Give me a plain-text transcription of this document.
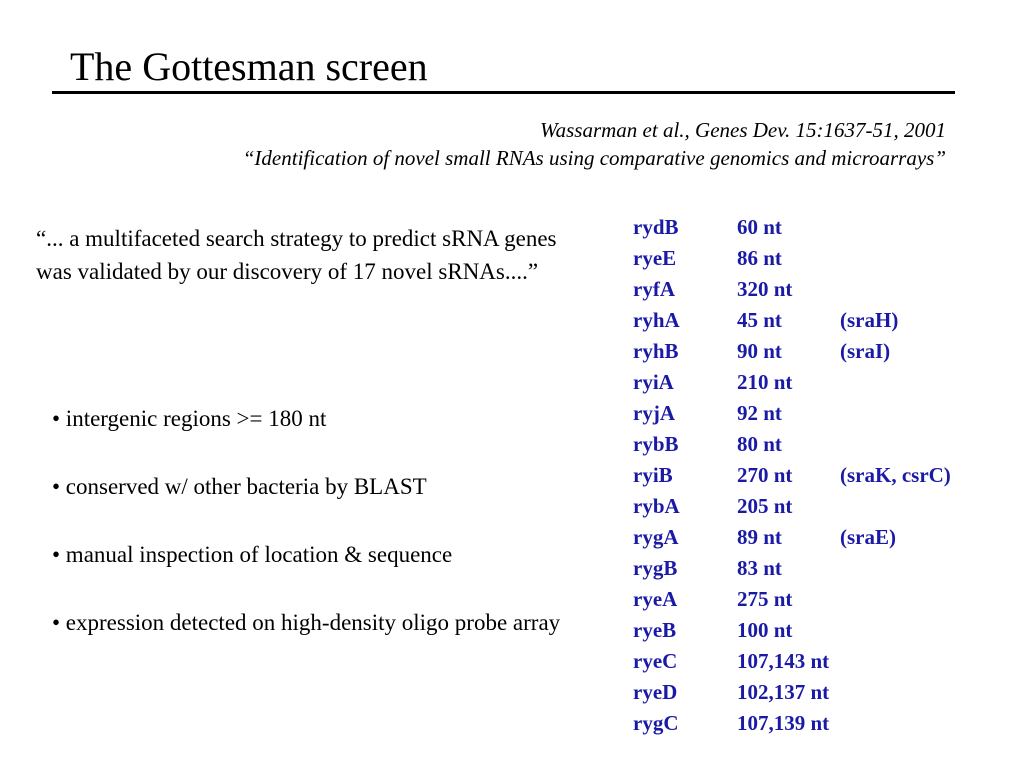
The Gottesman screen
Wassarman et al., Genes Dev. 15:1637-51, 2001
“Identification of novel small RNAs using comparative genomics and microarrays”
“... a multifaceted search strategy to predict sRNA genes was validated by our discovery of 17 novel sRNAs....”
• intergenic regions >= 180 nt
• conserved w/ other bacteria by BLAST
• manual inspection of location & sequence
• expression detected on high-density oligo probe array
rydB	60 nt	
ryeE	86 nt	
ryfA	320 nt	
ryhA	45 nt	(sraH)
ryhB	90 nt	(sraI)
ryiA	210 nt	
ryjA	92 nt	
rybB	80 nt	
ryiB	270 nt	(sraK, csrC)
rybA	205 nt	
rygA	89 nt	(sraE)
rygB	83 nt	
ryeA	275 nt	
ryeB	100 nt	
ryeC	107,143 nt	
ryeD	102,137 nt	
rygC	107,139 nt	
